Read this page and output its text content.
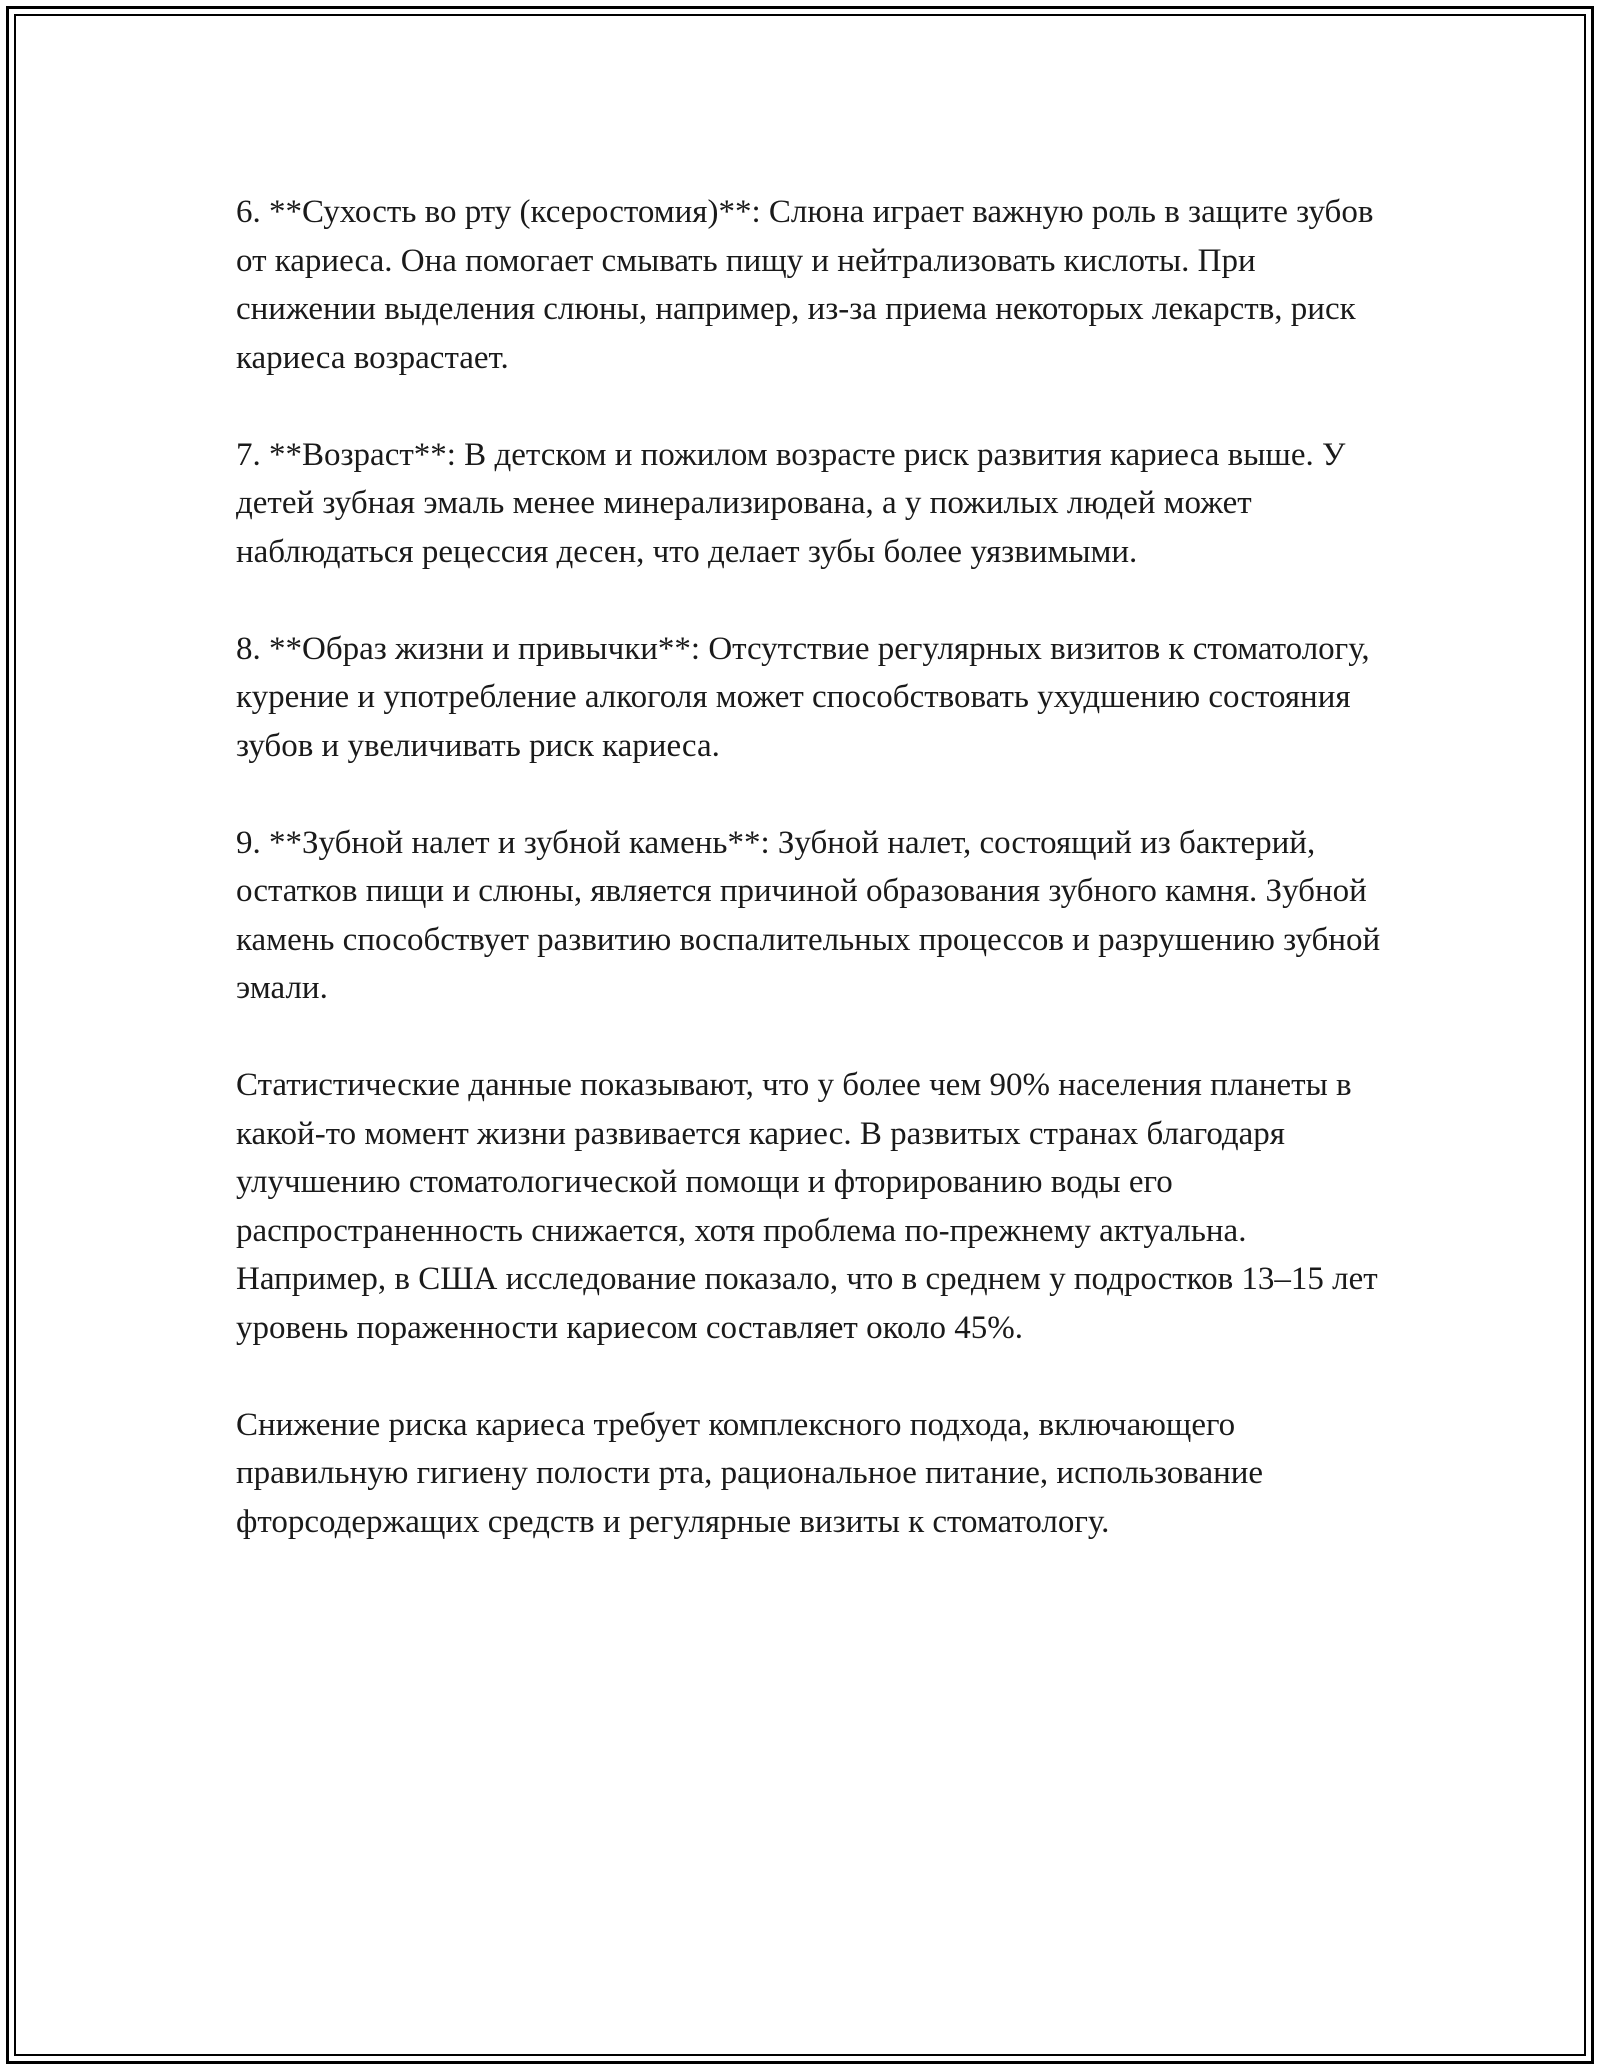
6. **Сухость во рту (ксеростомия)**: Слюна играет важную роль в защите зубов от кариеса. Она помогает смывать пищу и нейтрализовать кислоты. При снижении выделения слюны, например, из-за приема некоторых лекарств, риск кариеса возрастает.

7. **Возраст**: В детском и пожилом возрасте риск развития кариеса выше. У детей зубная эмаль менее минерализирована, а у пожилых людей может наблюдаться рецессия десен, что делает зубы более уязвимыми.

8. **Образ жизни и привычки**: Отсутствие регулярных визитов к стоматологу, курение и употребление алкоголя может способствовать ухудшению состояния зубов и увеличивать риск кариеса.

9. **Зубной налет и зубной камень**: Зубной налет, состоящий из бактерий, остатков пищи и слюны, является причиной образования зубного камня. Зубной камень способствует развитию воспалительных процессов и разрушению зубной эмали.

Статистические данные показывают, что у более чем 90% населения планеты в какой-то момент жизни развивается кариес. В развитых странах благодаря улучшению стоматологической помощи и фторированию воды его распространенность снижается, хотя проблема по-прежнему актуальна. Например, в США исследование показало, что в среднем у подростков 13–15 лет уровень пораженности кариесом составляет около 45%.

Снижение риска кариеса требует комплексного подхода, включающего правильную гигиену полости рта, рациональное питание, использование фторсодержащих средств и регулярные визиты к стоматологу.
